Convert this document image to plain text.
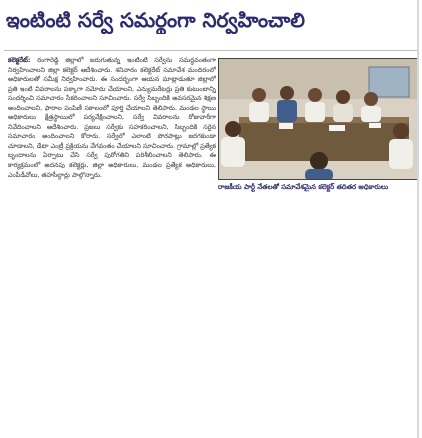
ఇంటింటి సర్వే సమర్థంగా నిర్వహించాలి
కలెక్టరేట్: రంగారెడ్డి జిల్లాలో జరుగుతున్న ఇంటింటి సర్వేను సమర్థవంతంగా నిర్వహించాలని జిల్లా కలెక్టర్ ఆదేశించారు. శనివారం కలెక్టరేట్ సమావేశ మందిరంలో అధికారులతో సమీక్ష నిర్వహించారు. ఈ సందర్భంగా ఆయన మాట్లాడుతూ జిల్లాలో ప్రతి ఇంటి వివరాలను పక్కాగా నమోదు చేయాలని, ఎన్యుమరేటర్లు ప్రతి కుటుంబాన్ని సందర్శించి సమాచారం సేకరించాలని సూచించారు. సర్వే సిబ్బందికి అవసరమైన శిక్షణ అందించాలని, ఫారాల పంపిణీ సకాలంలో పూర్తి చేయాలని తెలిపారు. మండల స్థాయి అధికారులు క్షేత్రస్థాయిలో పర్యవేక్షించాలని, సర్వే వివరాలను రోజువారీగా నివేదించాలని ఆదేశించారు. ప్రజలు సర్వేకు సహకరించాలని, సిబ్బందికి సరైన సమాచారం అందించాలని కోరారు. సర్వేలో ఎలాంటి పొరపాట్లు జరగకుండా చూడాలని, డేటా ఎంట్రీ ప్రక్రియను వేగవంతం చేయాలని సూచించారు. గ్రామాల్లో ప్రత్యేక బృందాలను ఏర్పాటు చేసి సర్వే పురోగతిని పరిశీలించాలని తెలిపారు. ఈ కార్యక్రమంలో అదనపు కలెక్టర్లు, జిల్లా అధికారులు, మండల ప్రత్యేక అధికారులు, ఎంపీడీవోలు, తహసీల్దార్లు పాల్గొన్నారు.
రాజకీయ పార్టీ నేతలతో సమావేశమైన కలెక్టర్ తదితర అధికారులు
